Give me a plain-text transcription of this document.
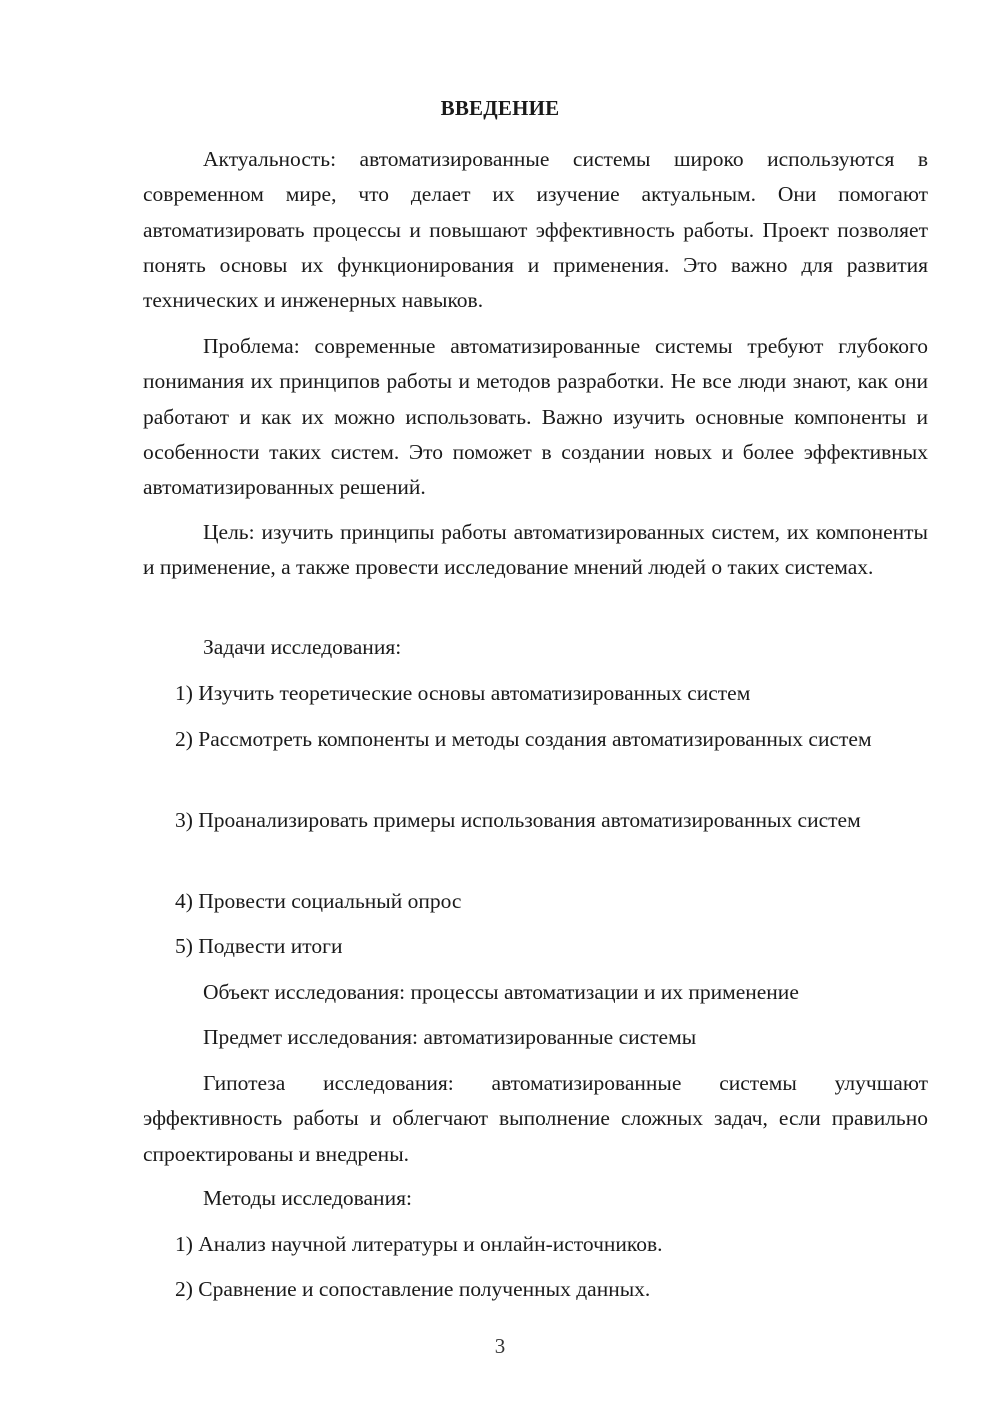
ВВЕДЕНИЕ

Актуальность: автоматизированные системы широко используются в современном мире, что делает их изучение актуальным. Они помогают автоматизировать процессы и повышают эффективность работы. Проект позволяет понять основы их функционирования и применения. Это важно для развития технических и инженерных навыков.

Проблема: современные автоматизированные системы требуют глубокого понимания их принципов работы и методов разработки. Не все люди знают, как они работают и как их можно использовать. Важно изучить основные компоненты и особенности таких систем. Это поможет в создании новых и более эффективных автоматизированных решений.

Цель: изучить принципы работы автоматизированных систем, их компоненты и применение, а также провести исследование мнений людей о таких системах.

Задачи исследования:

1) Изучить теоретические основы автоматизированных систем

2) Рассмотреть компоненты и методы создания автоматизированных систем

3) Проанализировать примеры использования автоматизированных систем

4) Провести социальный опрос

5) Подвести итоги

Объект исследования: процессы автоматизации и их применение

Предмет исследования: автоматизированные системы

Гипотеза исследования: автоматизированные системы улучшают эффективность работы и облегчают выполнение сложных задач, если правильно спроектированы и внедрены.

Методы исследования:

1) Анализ научной литературы и онлайн-источников.

2) Сравнение и сопоставление полученных данных.

3
